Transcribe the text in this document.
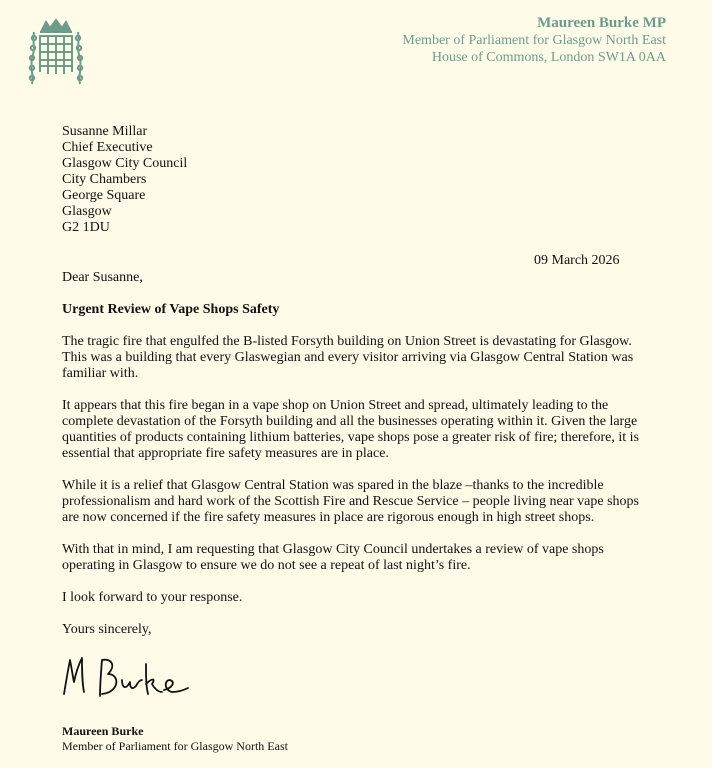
Maureen Burke MP
Member of Parliament for Glasgow North East
House of Commons, London SW1A 0AA
Susanne Millar
Chief Executive
Glasgow City Council
City Chambers
George Square
Glasgow
G2 1DU
09 March 2026

Dear Susanne,

Urgent Review of Vape Shops Safety

The tragic fire that engulfed the B-listed Forsyth building on Union Street is devastating for Glasgow. This was a building that every Glaswegian and every visitor arriving via Glasgow Central Station was familiar with.

It appears that this fire began in a vape shop on Union Street and spread, ultimately leading to the complete devastation of the Forsyth building and all the businesses operating within it. Given the large quantities of products containing lithium batteries, vape shops pose a greater risk of fire; therefore, it is essential that appropriate fire safety measures are in place.

While it is a relief that Glasgow Central Station was spared in the blaze –thanks to the incredible professionalism and hard work of the Scottish Fire and Rescue Service – people living near vape shops are now concerned if the fire safety measures in place are rigorous enough in high street shops.

With that in mind, I am requesting that Glasgow City Council undertakes a review of vape shops operating in Glasgow to ensure we do not see a repeat of last night’s fire.

I look forward to your response.

Yours sincerely,

Maureen Burke
Member of Parliament for Glasgow North East
